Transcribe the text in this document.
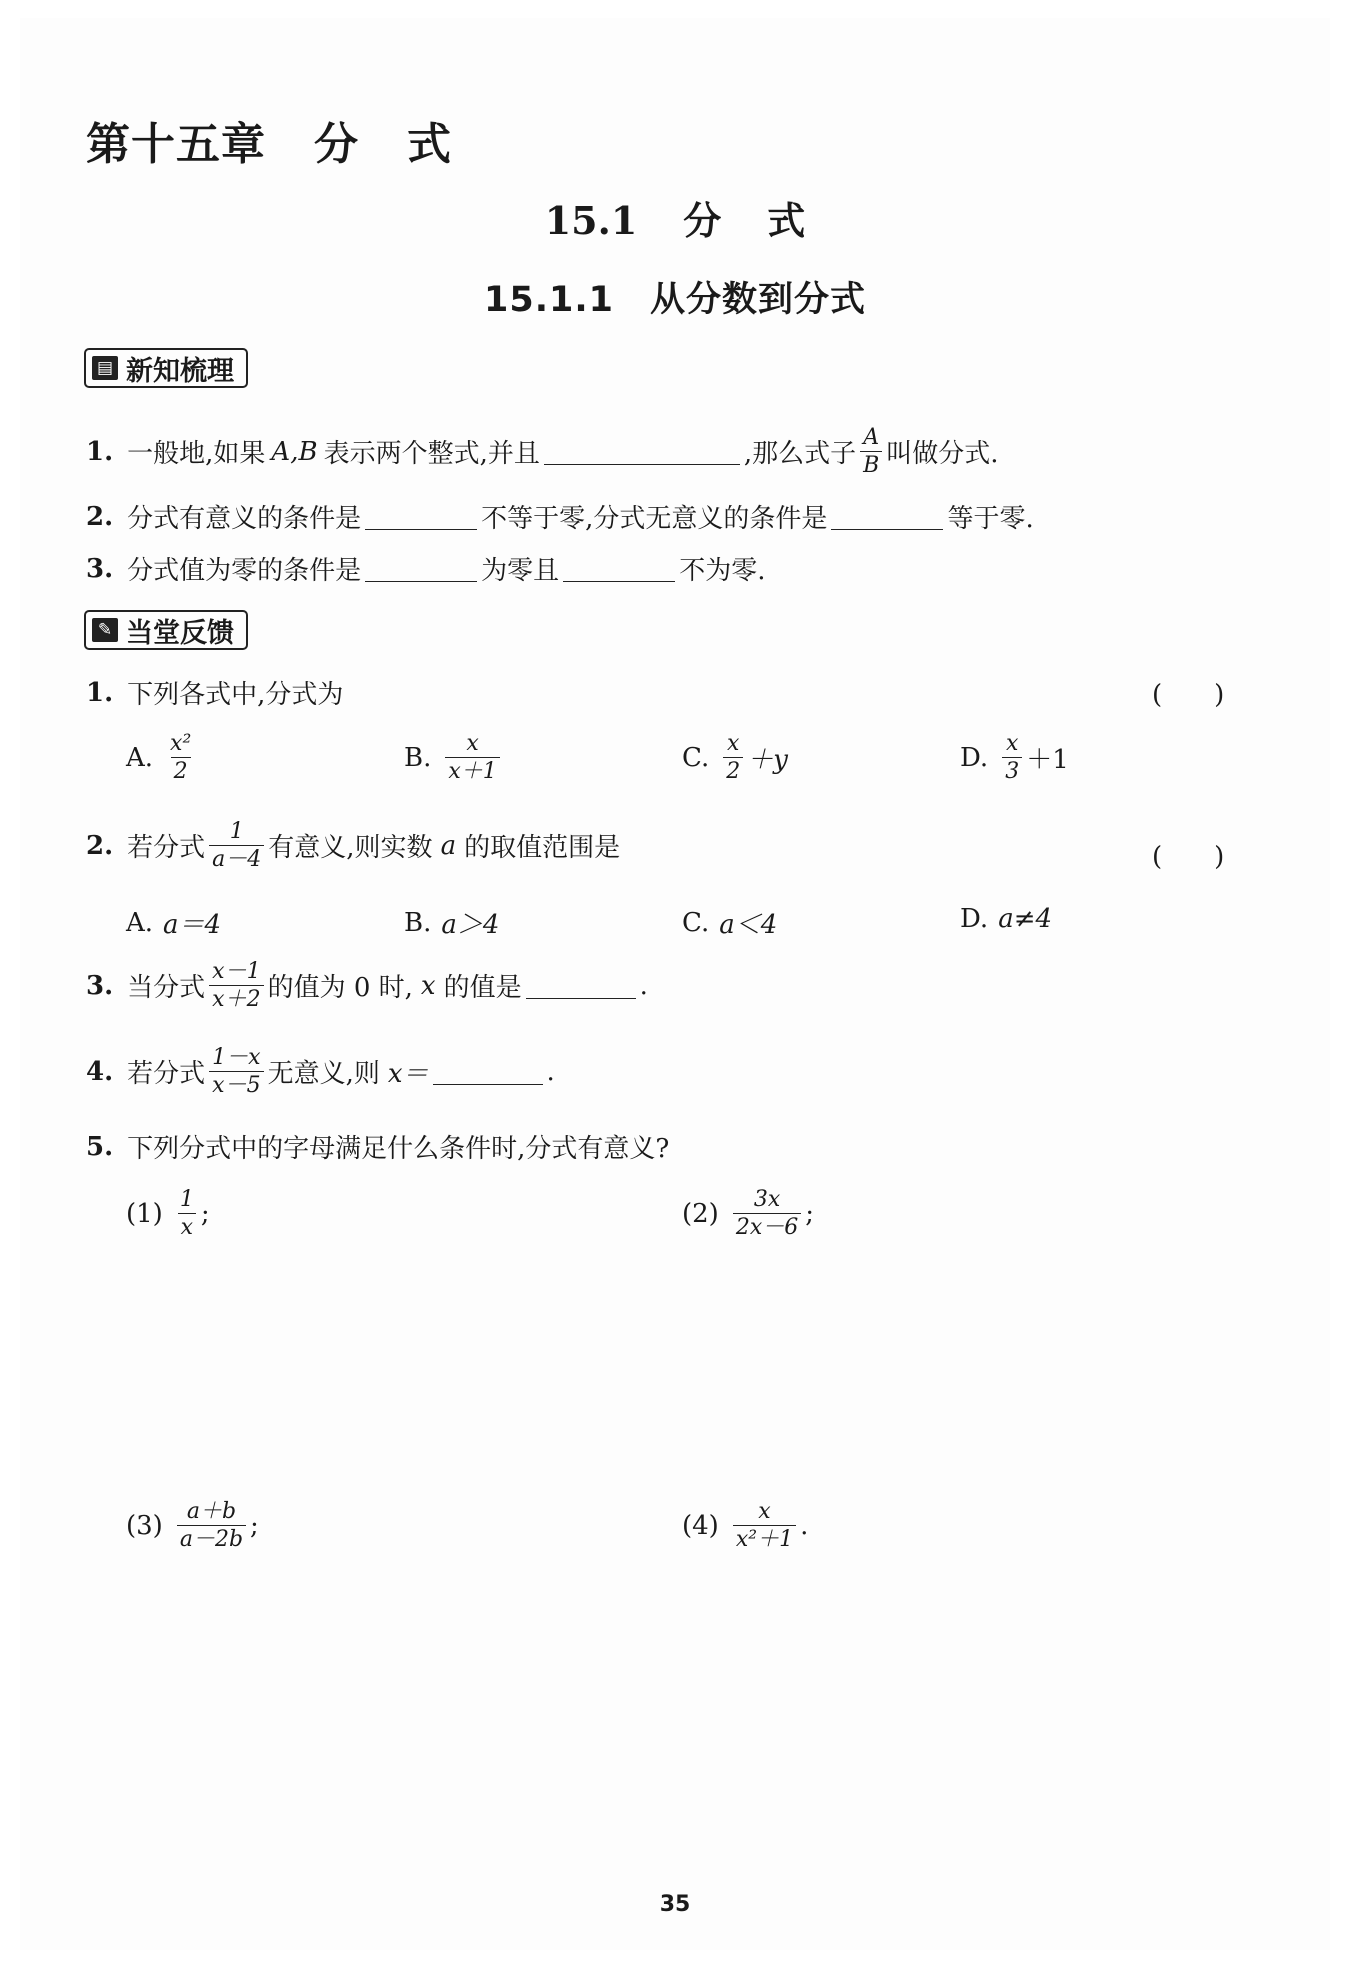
第十五章 分 式
15.1 分 式
15.1.1 从分数到分式
▤ 新知梳理
1. 一般地,如果 A,B 表示两个整式,并且	,那么式子 $\frac{A}{B}$ 叫做分式.
2. 分式有意义的条件是	不等于零,分式无意义的条件是	等于零.
3. 分式值为零的条件是	为零且	不为零.
✎ 当堂反馈
1. 下列各式中,分式为	(　　)
A. $\frac{\text{x²}}{2}$	B. $\frac{x}{x+1}$	C. $\frac{x}{2} +y$	D. $\frac{x}{3} +1$
2. 若分式 $\frac{1}{a-4}$ 有意义,则实数 a 的取值范围是	(　　)
A. a＝4	B. a＞4	C. a＜4	D. a≠4
3. 当分式 $\frac{x-1}{x+2}$ 的值为 0 时, x 的值是	.
4. 若分式 $\frac{1-x}{x-5}$ 无意义,则 x＝	.
5. 下列分式中的字母满足什么条件时,分式有意义?
$(1) \frac{1}{x}$ ;	$(2) \frac{3x}{2x-6}$ ;
$(3) \frac{a+b}{a-2b}$ ;	$(4) \frac{x}{\text{x²＋1}}$ .
35
